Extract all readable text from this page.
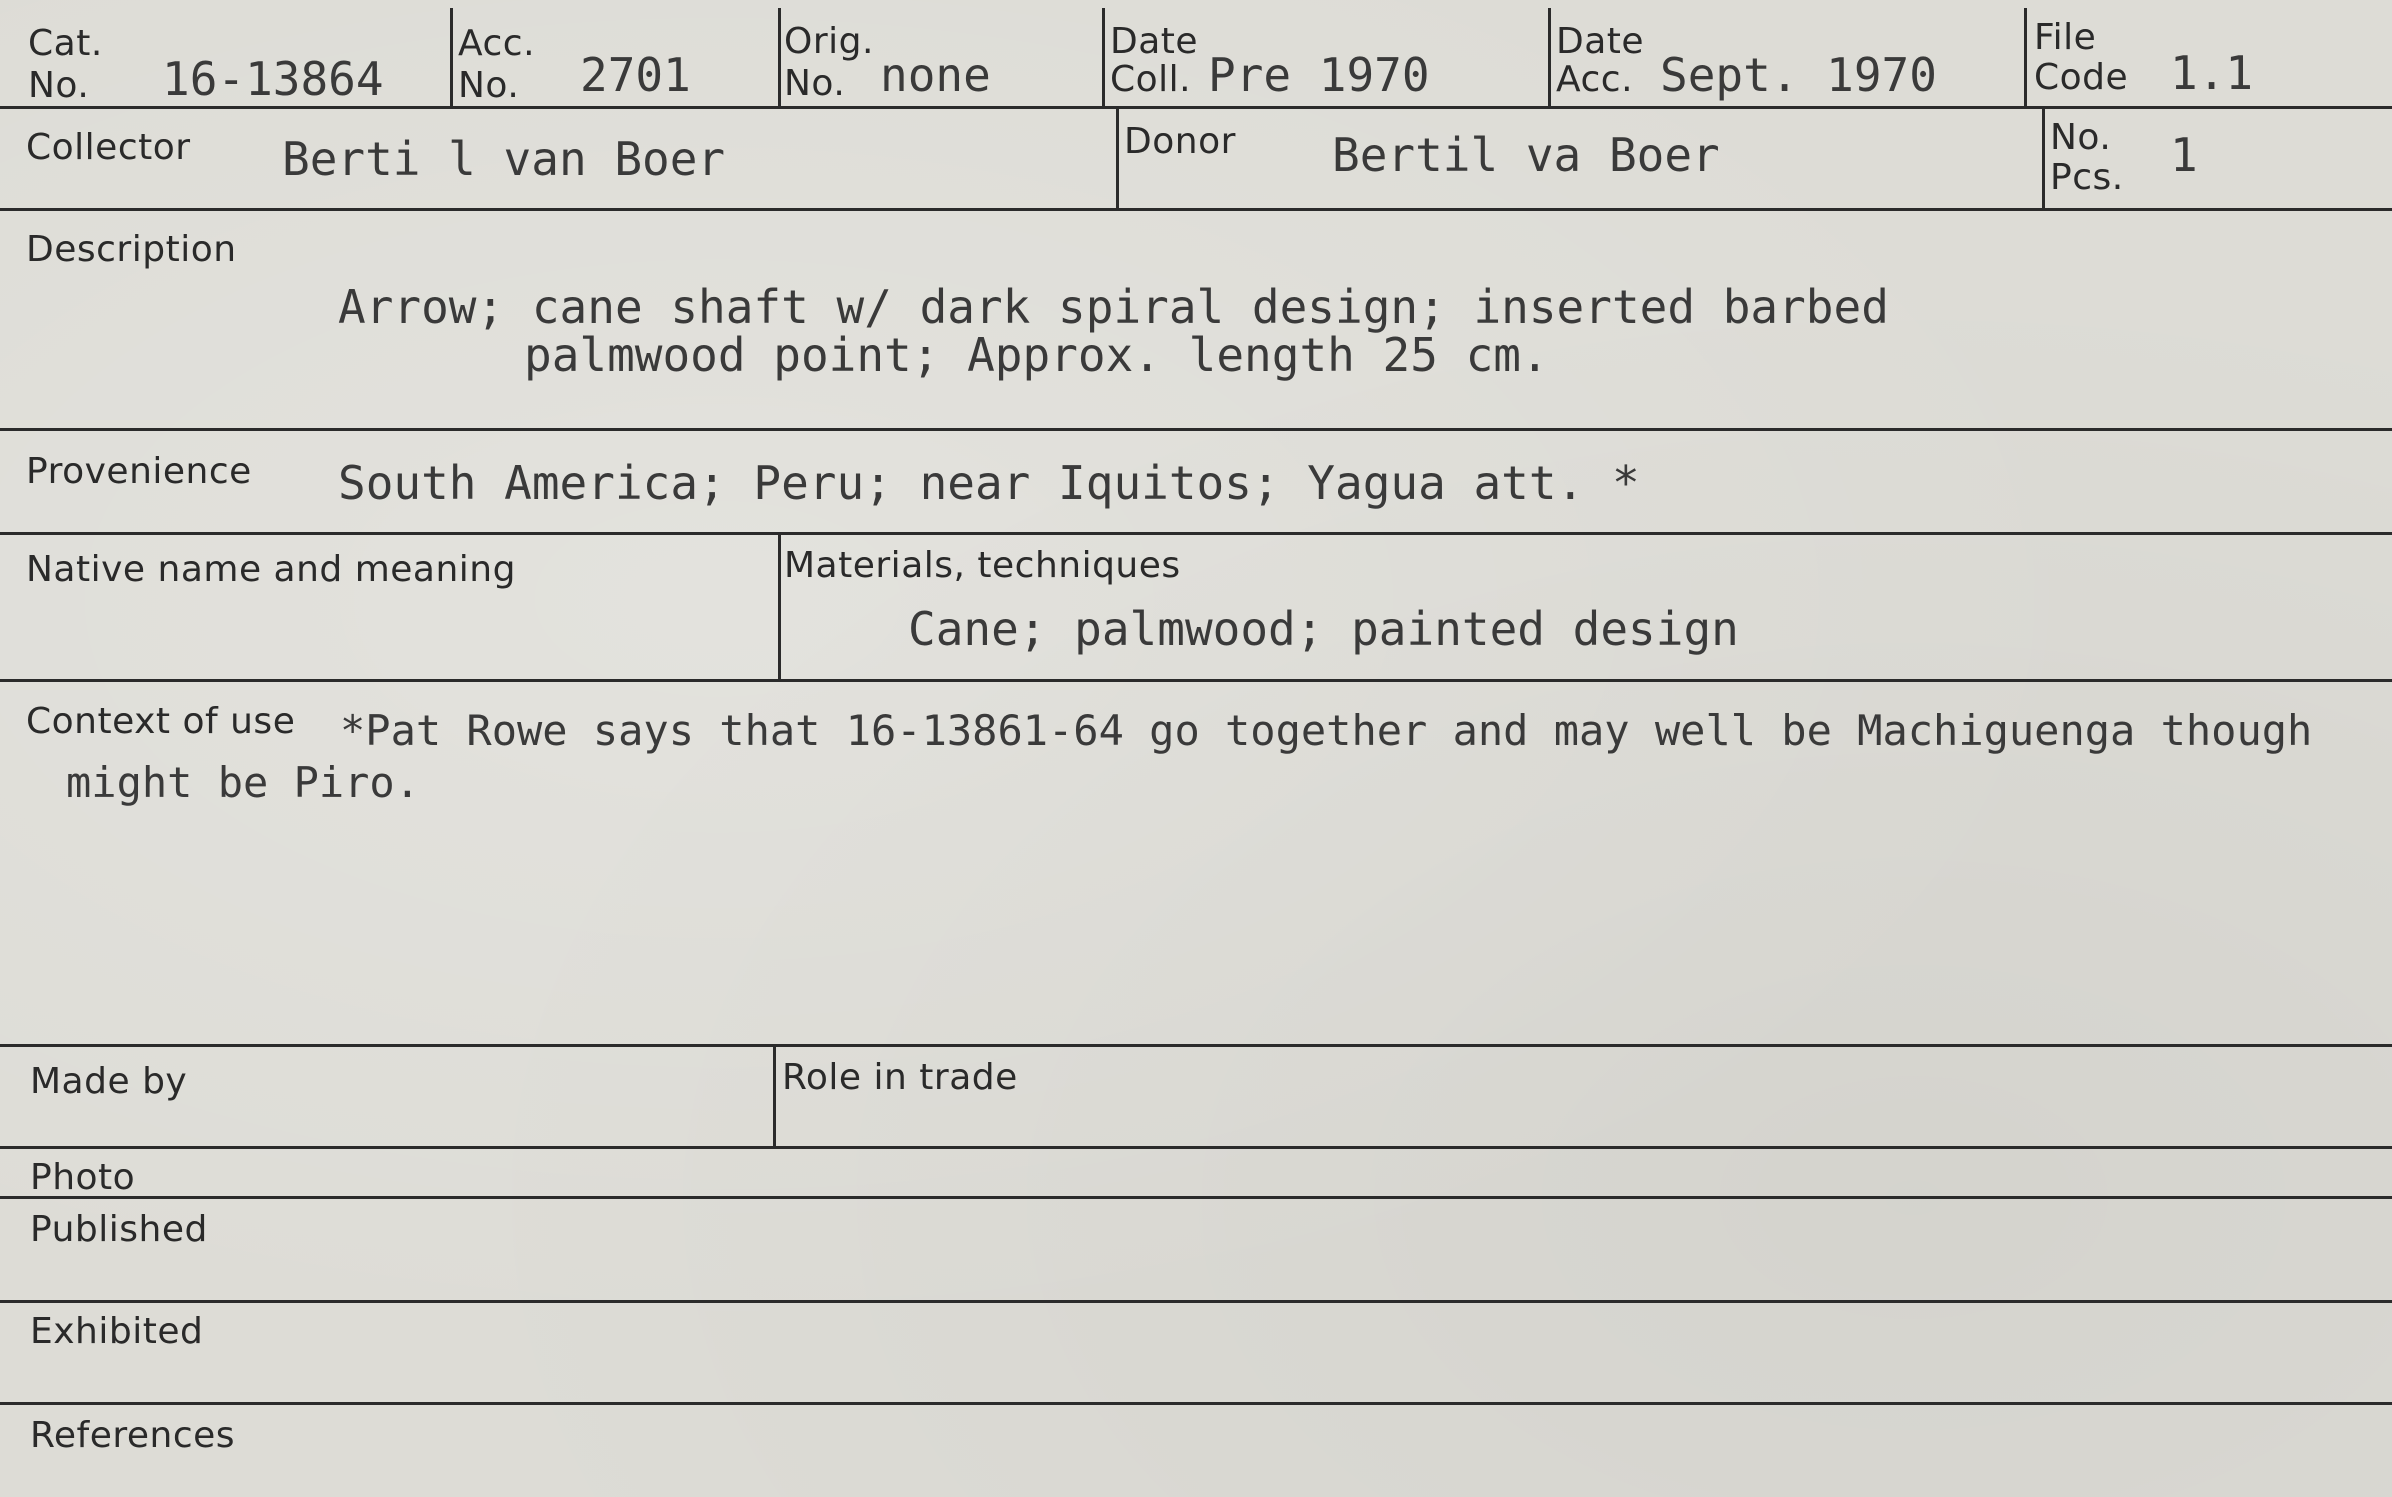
Cat.
No. 16-13864
Acc.
No. 2701
Orig.
No. none
Date
Coll. Pre 1970
Date
Acc. Sept. 1970
File
Code 1.1
Collector Berti l van Boer	Donor Bertil va Boer	No.
Pcs. 1
Description
Arrow; cane shaft w/ dark spiral design; inserted barbed
palmwood point; Approx. length 25 cm.
Provenience South America; Peru; near Iquitos; Yagua att. *
Native name and meaning	Materials, techniques
Cane; palmwood; painted design
Context of use *Pat Rowe says that 16-13861-64 go together and may well be Machiguenga though
might be Piro.
Made by	Role in trade
Photo
Published
Exhibited
References
